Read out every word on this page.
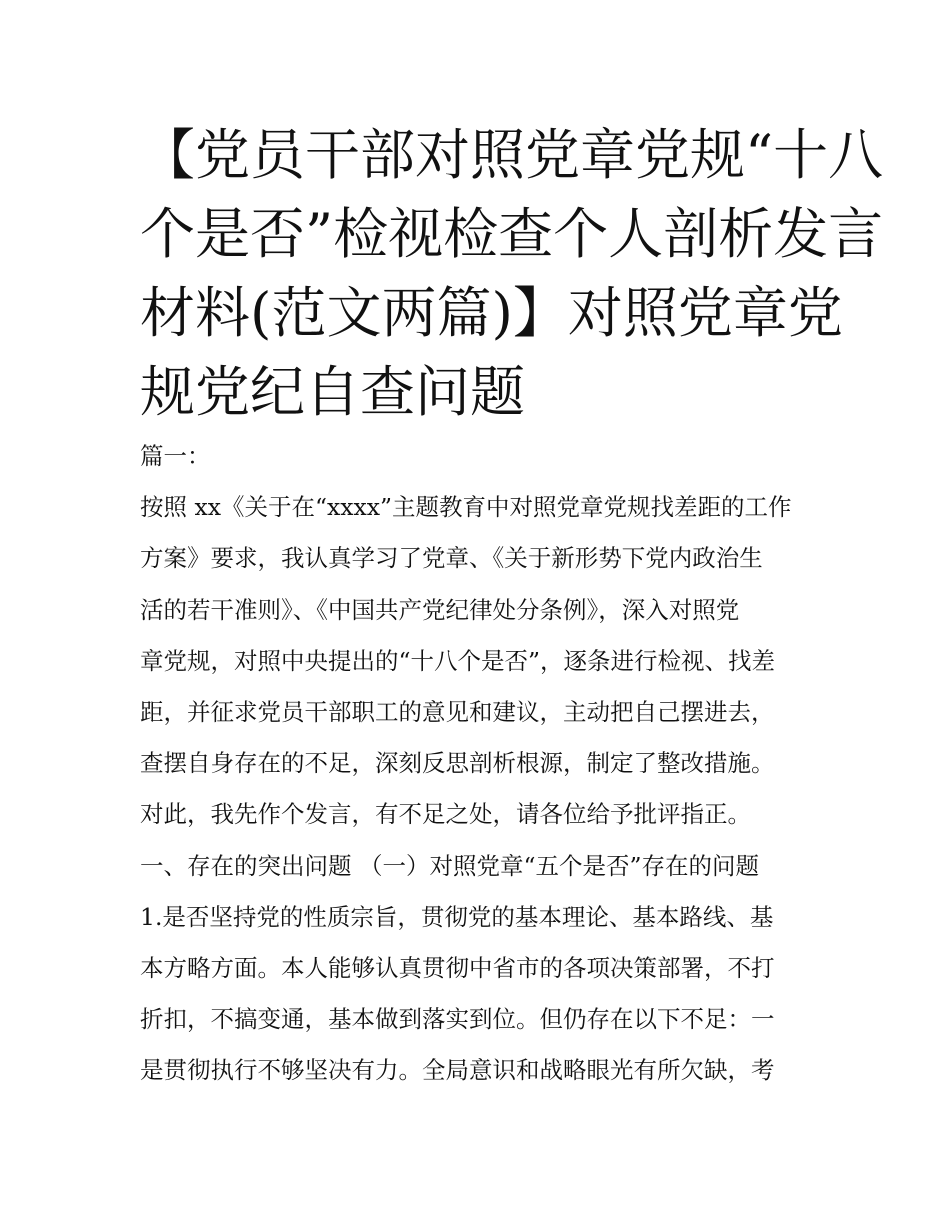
【党员干部对照党章党规“十八
个是否”检视检查个人剖析发言
材料(范文两篇)】对照党章党
规党纪自查问题
篇一：
按照 xx《关于在“xxxx”主题教育中对照党章党规找差距的工作
方案》要求，我认真学习了党章、《关于新形势下党内政治生
活的若干准则》、《中国共产党纪律处分条例》，深入对照党
章党规，对照中央提出的“十八个是否”，逐条进行检视、找差
距，并征求党员干部职工的意见和建议，主动把自己摆进去，
查摆自身存在的不足，深刻反思剖析根源，制定了整改措施。
对此，我先作个发言，有不足之处，请各位给予批评指正。
一、存在的突出问题 （一）对照党章“五个是否”存在的问题
1.是否坚持党的性质宗旨，贯彻党的基本理论、基本路线、基
本方略方面。本人能够认真贯彻中省市的各项决策部署，不打
折扣，不搞变通，基本做到落实到位。但仍存在以下不足：一
是贯彻执行不够坚决有力。全局意识和战略眼光有所欠缺，考
